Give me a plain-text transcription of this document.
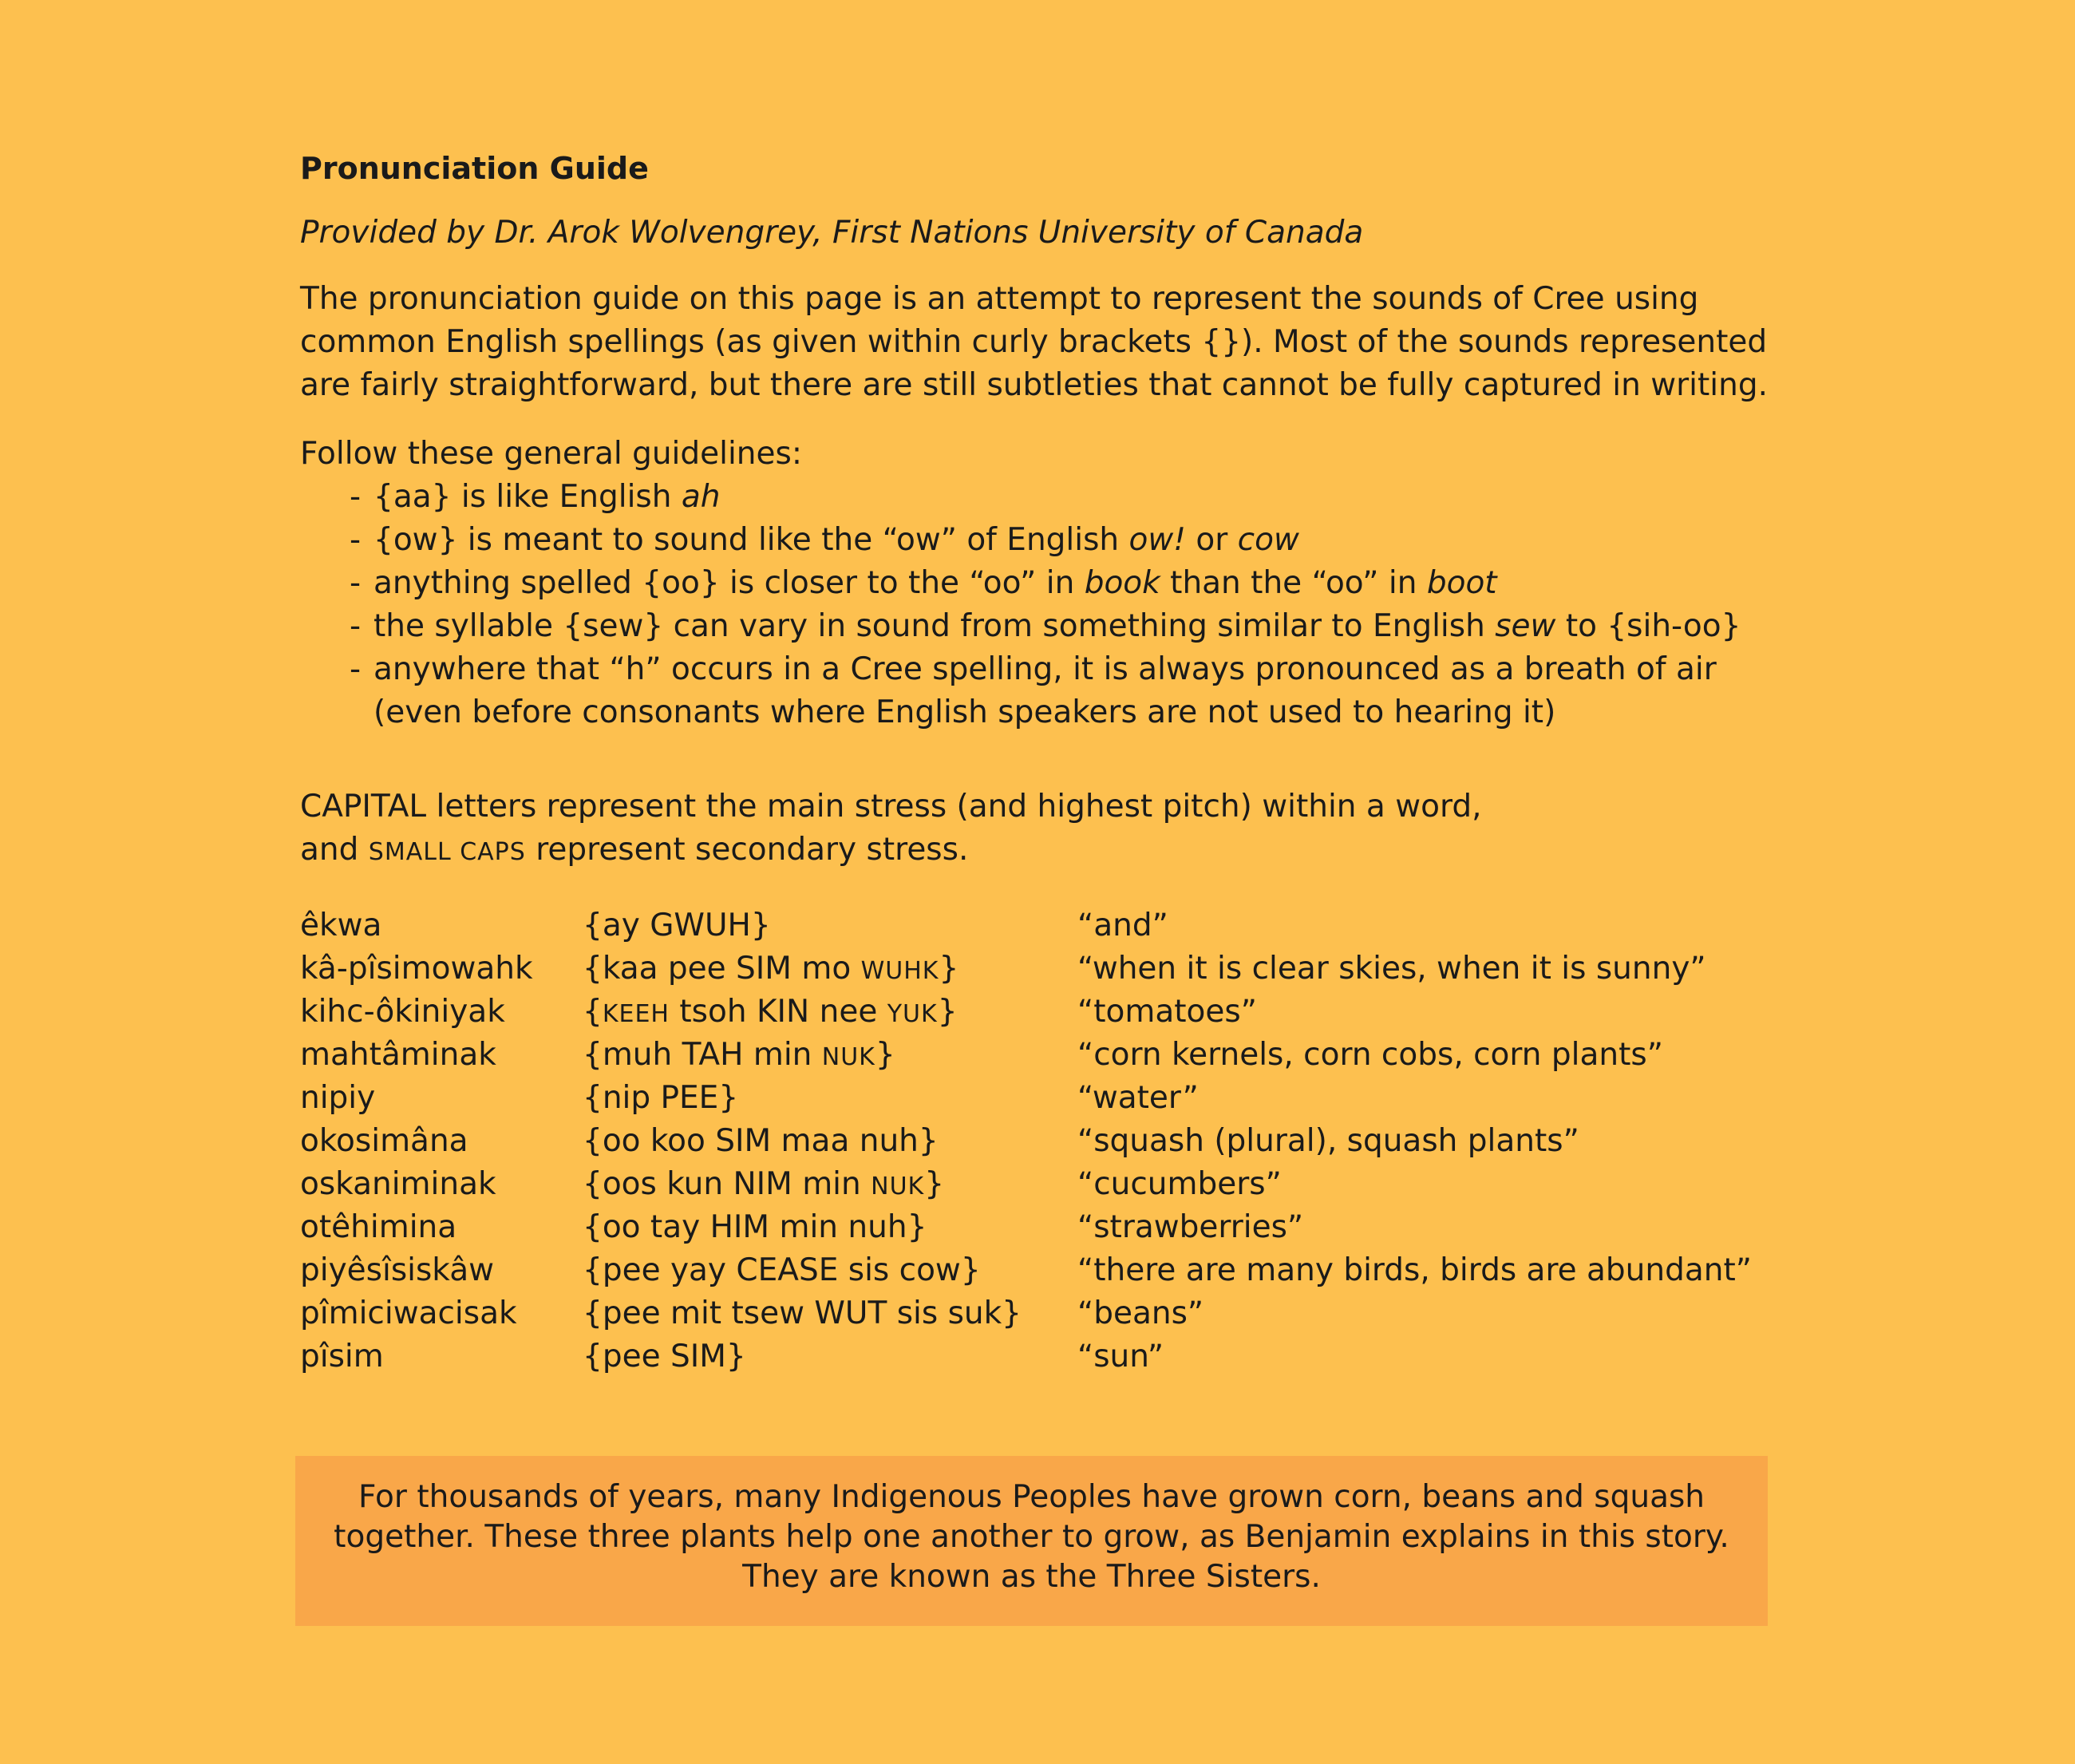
Pronunciation Guide
Provided by Dr. Arok Wolvengrey, First Nations University of Canada
The pronunciation guide on this page is an attempt to represent the sounds of Cree using
common English spellings (as given within curly brackets {}). Most of the sounds represented
are fairly straightforward, but there are still subtleties that cannot be fully captured in writing.
Follow these general guidelines:
- {aa} is like English ah
- {ow} is meant to sound like the “ow” of English ow! or cow
- anything spelled {oo} is closer to the “oo” in book than the “oo” in boot
- the syllable {sew} can vary in sound from something similar to English sew to {sih-oo}
- anywhere that “h” occurs in a Cree spelling, it is always pronounced as a breath of air
(even before consonants where English speakers are not used to hearing it)
CAPITAL letters represent the main stress (and highest pitch) within a word,
and SMALL CAPS represent secondary stress.
êkwa	{ay GWUH}	“and”
kâ-pîsimowahk	{kaa pee SIM mo WUHK}	“when it is clear skies, when it is sunny”
kihc-ôkiniyak	{KEEH tsoh KIN nee YUK}	“tomatoes”
mahtâminak	{muh TAH min NUK}	“corn kernels, corn cobs, corn plants”
nipiy	{nip PEE}	“water”
okosimâna	{oo koo SIM maa nuh}	“squash (plural), squash plants”
oskaniminak	{oos kun NIM min NUK}	“cucumbers”
otêhimina	{oo tay HIM min nuh}	“strawberries”
piyêsîsiskâw	{pee yay CEASE sis cow}	“there are many birds, birds are abundant”
pîmiciwacisak	{pee mit tsew WUT sis suk}	“beans”
pîsim	{pee SIM}	“sun”

For thousands of years, many Indigenous Peoples have grown corn, beans and squash

together. These three plants help one another to grow, as Benjamin explains in this story.

They are known as the Three Sisters.
